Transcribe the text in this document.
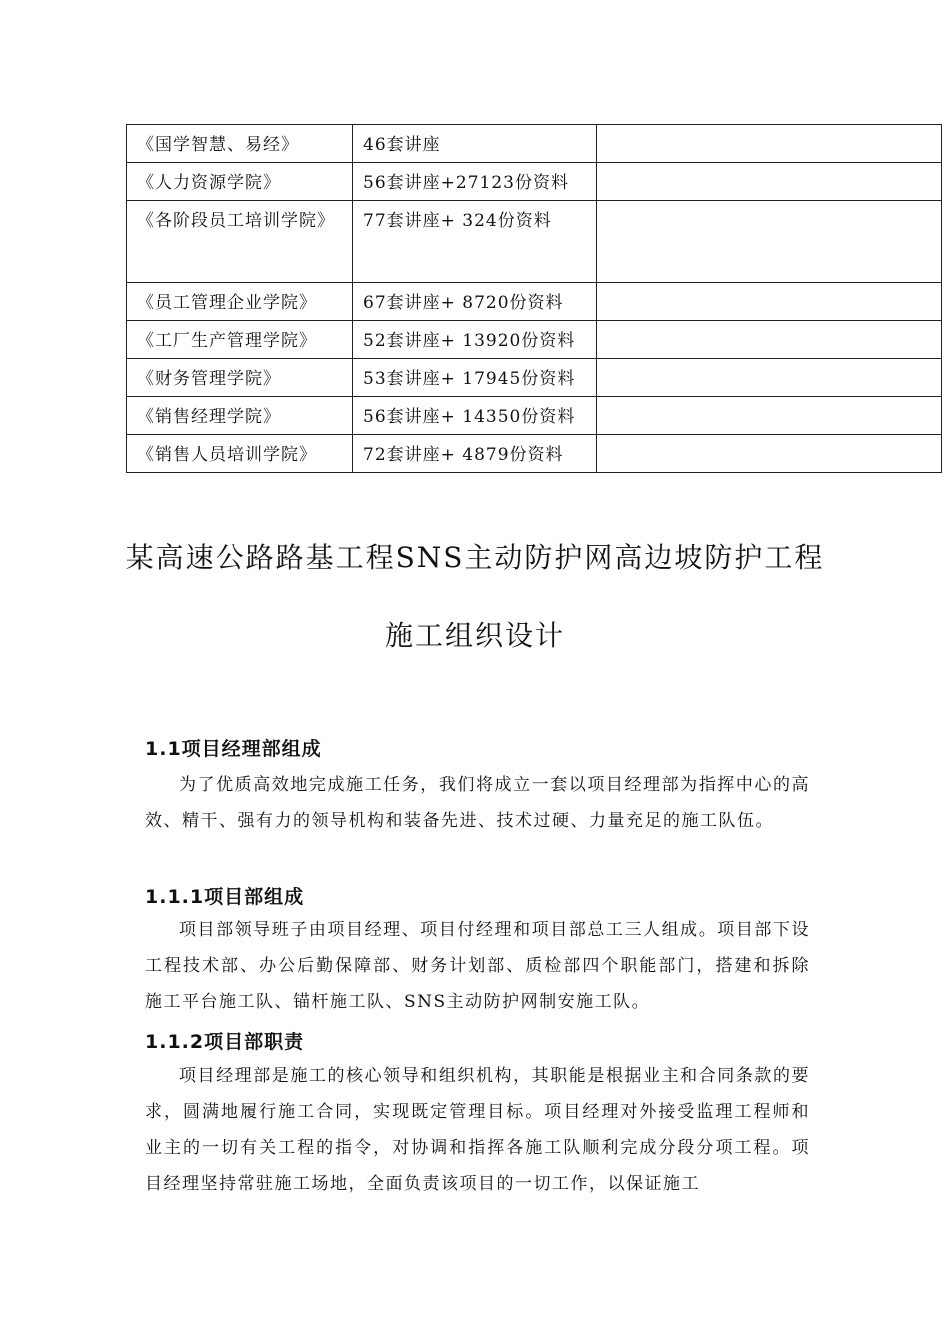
《国学智慧、易经》	46套讲座	
《人力资源学院》	56套讲座+27123份资料	
《各阶段员工培训学院》	77套讲座+ 324份资料	
《员工管理企业学院》	67套讲座+ 8720份资料	
《工厂生产管理学院》	52套讲座+ 13920份资料	
《财务管理学院》	53套讲座+ 17945份资料	
《销售经理学院》	56套讲座+ 14350份资料	
《销售人员培训学院》	72套讲座+ 4879份资料	
某高速公路路基工程SNS主动防护网高边坡防护工程
施工组织设计
1.1项目经理部组成

为了优质高效地完成施工任务，我们将成立一套以项目经理部为指挥中心的高效、精干、强有力的领导机构和装备先进、技术过硬、力量充足的施工队伍。

1.1.1项目部组成

项目部领导班子由项目经理、项目付经理和项目部总工三人组成。项目部下设工程技术部、办公后勤保障部、财务计划部、质检部四个职能部门，搭建和拆除施工平台施工队、锚杆施工队、SNS主动防护网制安施工队。

1.1.2项目部职责

项目经理部是施工的核心领导和组织机构，其职能是根据业主和合同条款的要求，圆满地履行施工合同，实现既定管理目标。项目经理对外接受监理工程师和业主的一切有关工程的指令，对协调和指挥各施工队顺利完成分段分项工程。项目经理坚持常驻施工场地，全面负责该项目的一切工作，以保证施工
